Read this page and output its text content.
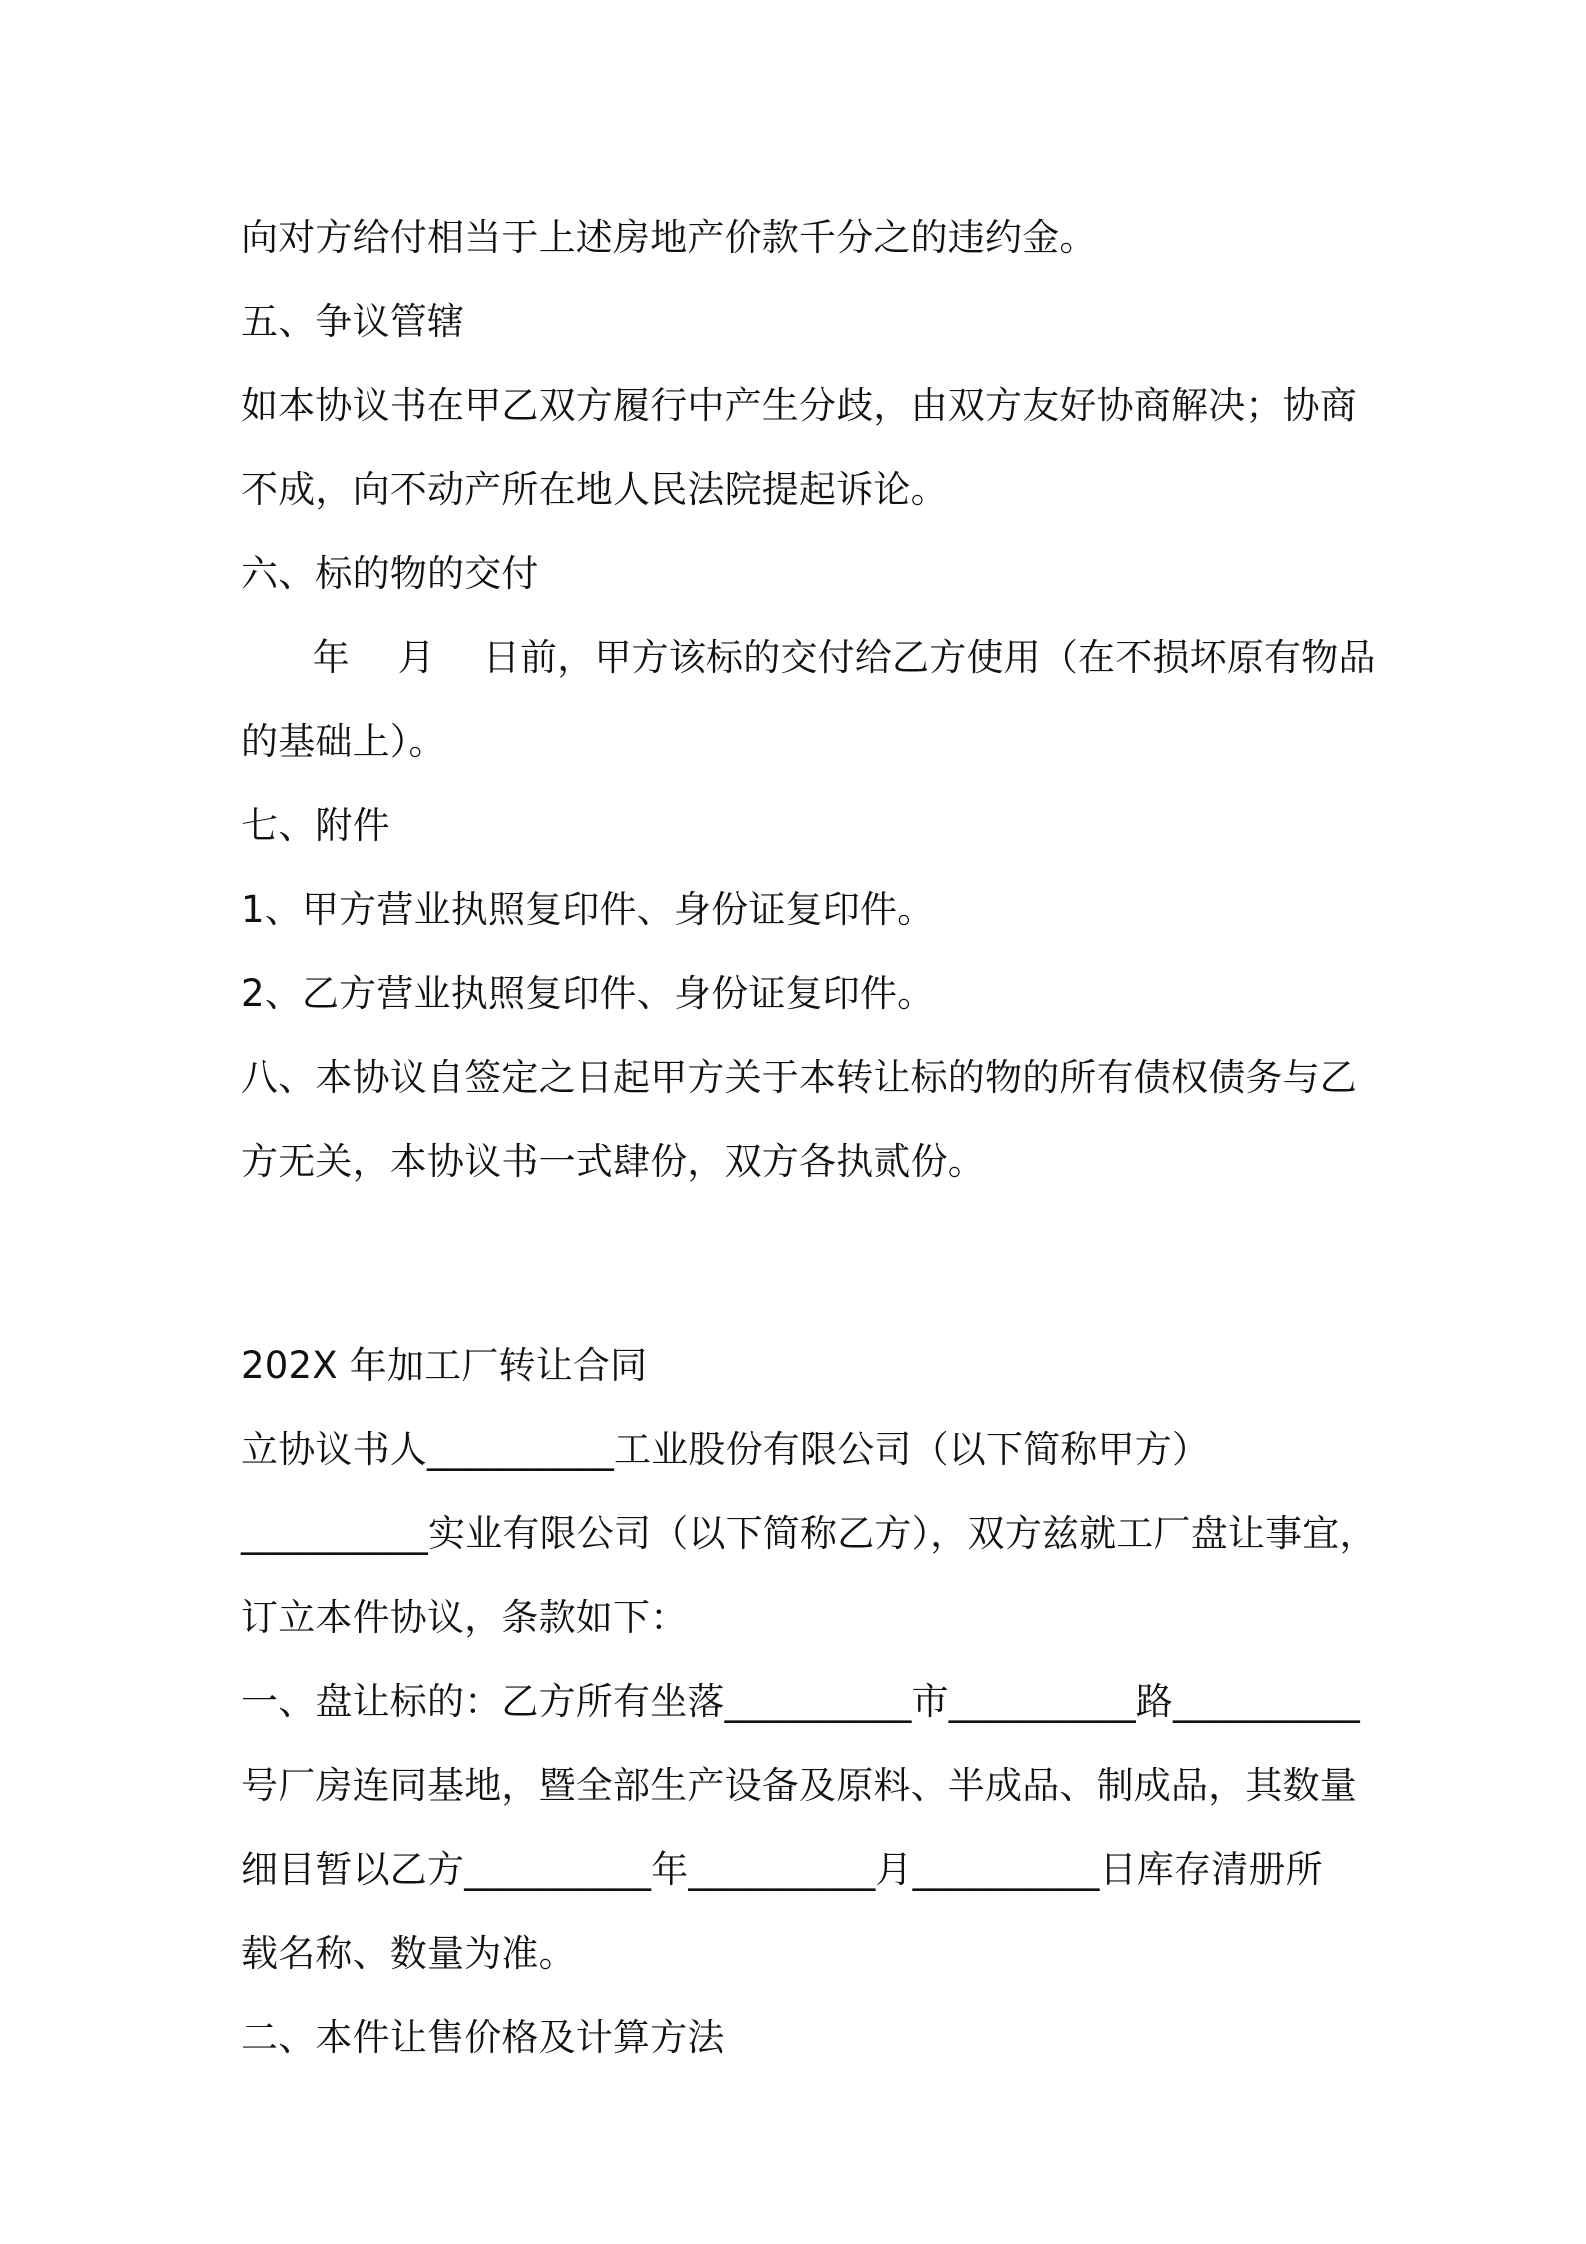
向对方给付相当于上述房地产价款千分之的违约金。
五、争议管辖
如本协议书在甲乙双方履行中产生分歧，由双方友好协商解决；协商
不成，向不动产所在地人民法院提起诉论。
六、标的物的交付
年    月    日前，甲方该标的交付给乙方使用（在不损坏原有物品
的基础上）。
七、附件
1、甲方营业执照复印件、身份证复印件。
2、乙方营业执照复印件、身份证复印件。
八、本协议自签定之日起甲方关于本转让标的物的所有债权债务与乙
方无关，本协议书一式肆份，双方各执贰份。
202X 年加工厂转让合同
立协议书人__________工业股份有限公司（以下简称甲方）
__________实业有限公司（以下简称乙方），双方兹就工厂盘让事宜，
订立本件协议，条款如下：
一、盘让标的：乙方所有坐落__________市__________路__________
号厂房连同基地，暨全部生产设备及原料、半成品、制成品，其数量
细目暂以乙方__________年__________月__________日库存清册所
载名称、数量为准。
二、本件让售价格及计算方法
